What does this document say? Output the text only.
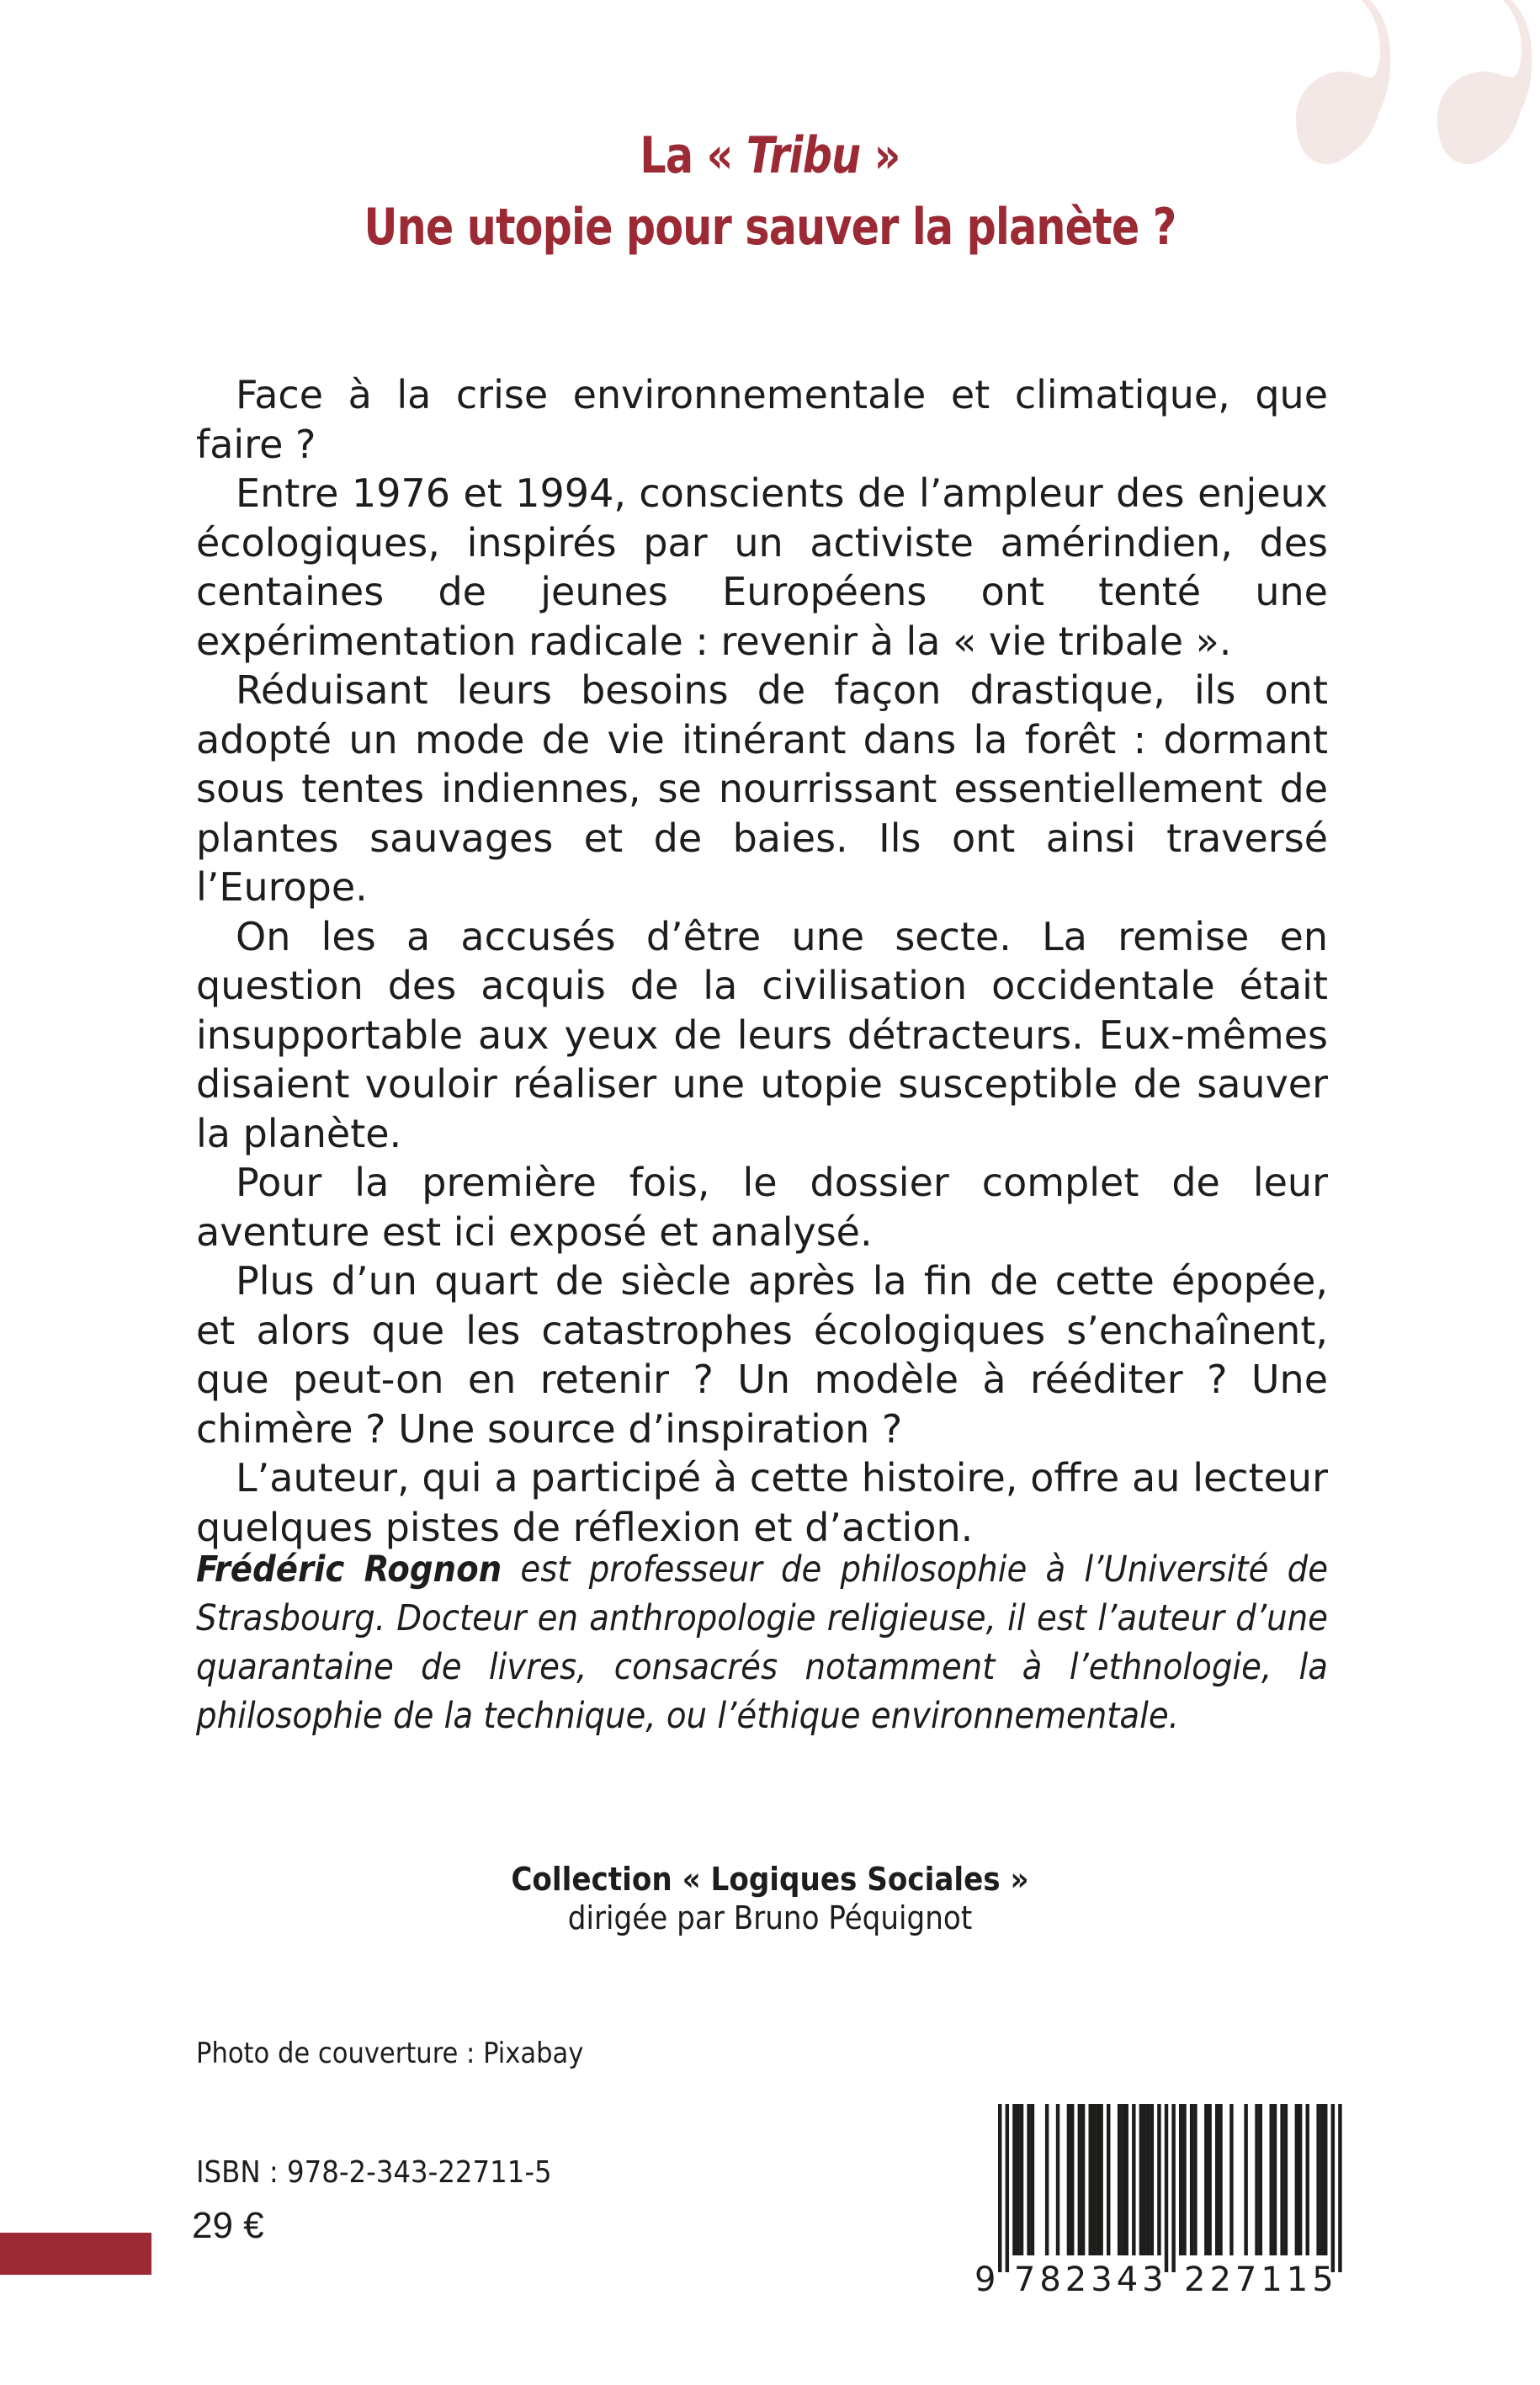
La « Tribu »
Une utopie pour sauver la planète ?

Face à la crise environnementale et climatique, que faire ?

Entre 1976 et 1994, conscients de l’ampleur des enjeux écologiques, inspirés par un activiste amérindien, des centaines de jeunes Européens ont tenté une expérimentation radicale : revenir à la « vie tribale ».

Réduisant leurs besoins de façon drastique, ils ont adopté un mode de vie itinérant dans la forêt : dormant sous tentes indiennes, se nourrissant essentiellement de plantes sauvages et de baies. Ils ont ainsi traversé l’Europe.

On les a accusés d’être une secte. La remise en question des acquis de la civilisation occidentale était insupportable aux yeux de leurs détracteurs. Eux-mêmes disaient vouloir réaliser une utopie susceptible de sauver la planète.

Pour la première fois, le dossier complet de leur aventure est ici exposé et analysé.

Plus d’un quart de siècle après la fin de cette épopée, et alors que les catastrophes écologiques s’enchaînent, que peut-on en retenir ? Un modèle à rééditer ? Une chimère ? Une source d’inspiration ?

L’auteur, qui a participé à cette histoire, offre au lecteur quelques pistes de réflexion et d’action.

Frédéric Rognon est professeur de philosophie à l’Université de Strasbourg. Docteur en anthropologie religieuse, il est l’auteur d’une quarantaine de livres, consacrés notamment à l’ethnologie, la philosophie de la technique, ou l’éthique environnementale.
Collection « Logiques Sociales »
dirigée par Bruno Péquignot
Photo de couverture : Pixabay
ISBN : 978-2-343-22711-5
29 €
9 782343 227115
